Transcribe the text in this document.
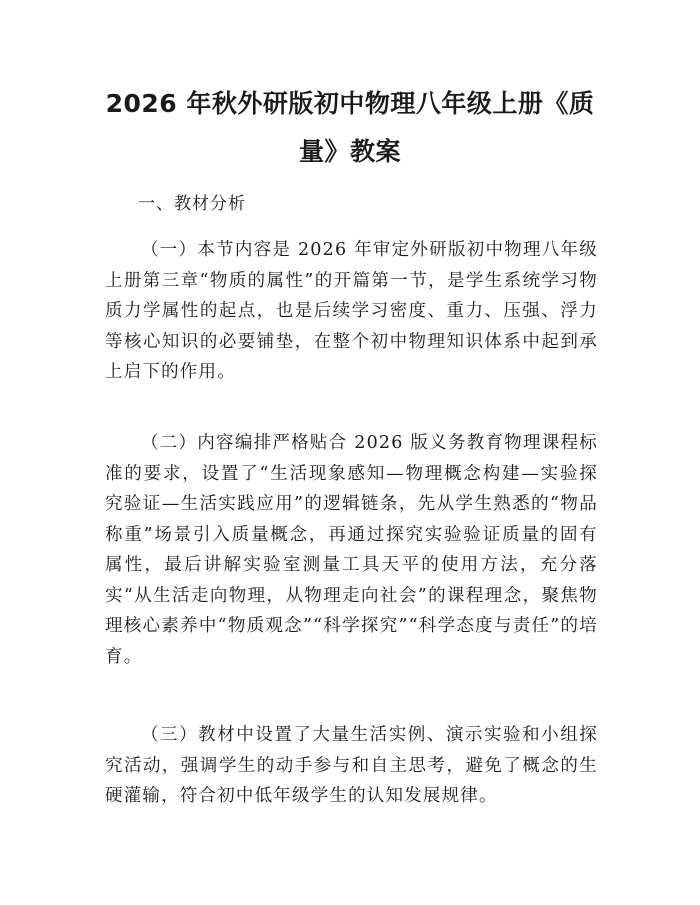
2026 年秋外研版初中物理八年级上册《质量》教案
一、教材分析

（一）本节内容是 2026 年审定外研版初中物理八年级上册第三章“物质的属性”的开篇第一节，是学生系统学习物质力学属性的起点，也是后续学习密度、重力、压强、浮力等核心知识的必要铺垫，在整个初中物理知识体系中起到承上启下的作用。

（二）内容编排严格贴合 2026 版义务教育物理课程标准的要求，设置了“生活现象感知—物理概念构建—实验探究验证—生活实践应用”的逻辑链条，先从学生熟悉的“物品称重”场景引入质量概念，再通过探究实验验证质量的固有属性，最后讲解实验室测量工具天平的使用方法，充分落实“从生活走向物理，从物理走向社会”的课程理念，聚焦物理核心素养中“物质观念”“科学探究”“科学态度与责任”的培育。

（三）教材中设置了大量生活实例、演示实验和小组探究活动，强调学生的动手参与和自主思考，避免了概念的生硬灌输，符合初中低年级学生的认知发展规律。
